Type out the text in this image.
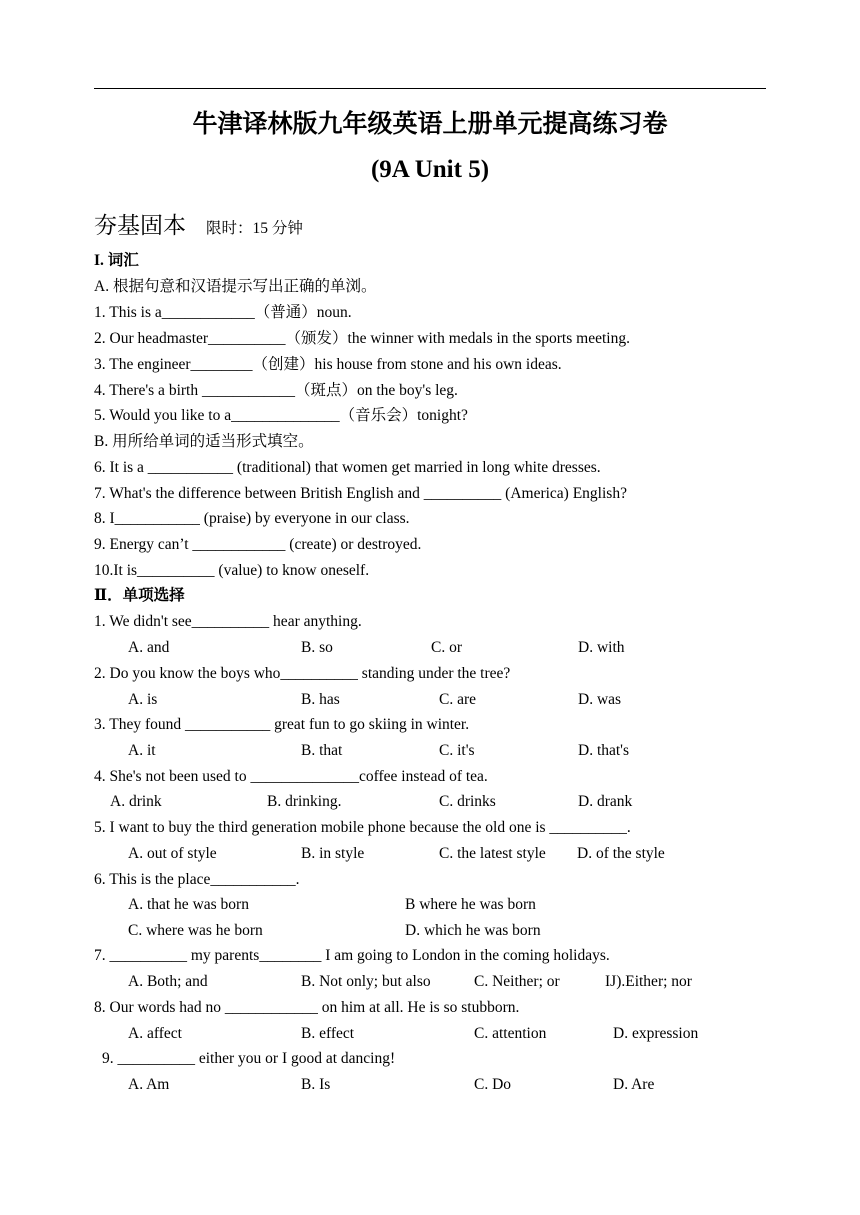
牛津译林版九年级英语上册单元提高练习卷
(9A Unit 5)
夯基固本 限时：15 分钟
I. 词汇
A. 根据句意和汉语提示写出正确的单浏。
1. This is a____________（普通）noun.
2. Our headmaster__________（颁发）the winner with medals in the sports meeting.
3. The engineer________（创建）his house from stone and his own ideas.
4. There's a birth ____________（斑点）on the boy's leg.
5. Would you like to a______________（音乐会）tonight?
B. 用所给单词的适当形式填空。
6. It is a ___________ (traditional) that women get married in long white dresses.
7. What's the difference between British English and __________ (America) English?
8. I___________ (praise) by everyone in our class.
9. Energy can’t ____________ (create) or destroyed.
10.It is__________ (value) to know oneself.
Ⅱ．单项选择
1. We didn't see__________ hear anything.
A. and	B. so	C. or	D. with
2. Do you know the boys who__________ standing under the tree?
A. is	B. has	C. are	D. was
3. They found ___________ great fun to go skiing in winter.
A. it	B. that	C. it's	D. that's
4. She's not been used to ______________coffee instead of tea.
A. drink	B. drinking.	C. drinks	D. drank
5. I want to buy the third generation mobile phone because the old one is __________.
A. out of style	B. in style	C. the latest style D. of the style
6. This is the place___________.
A. that he was born	B where he was born
C. where was he born	D. which he was born
7. __________ my parents________ I am going to London in the coming holidays.
A. Both; and	B. Not only; but also	C. Neither; or	IJ).Either; nor
8. Our words had no ____________ on him at all. He is so stubborn.
A. affect	B. effect	C. attention	D. expression
9. __________ either you or I good at dancing!
A. Am	B. Is	C. Do	D. Are
